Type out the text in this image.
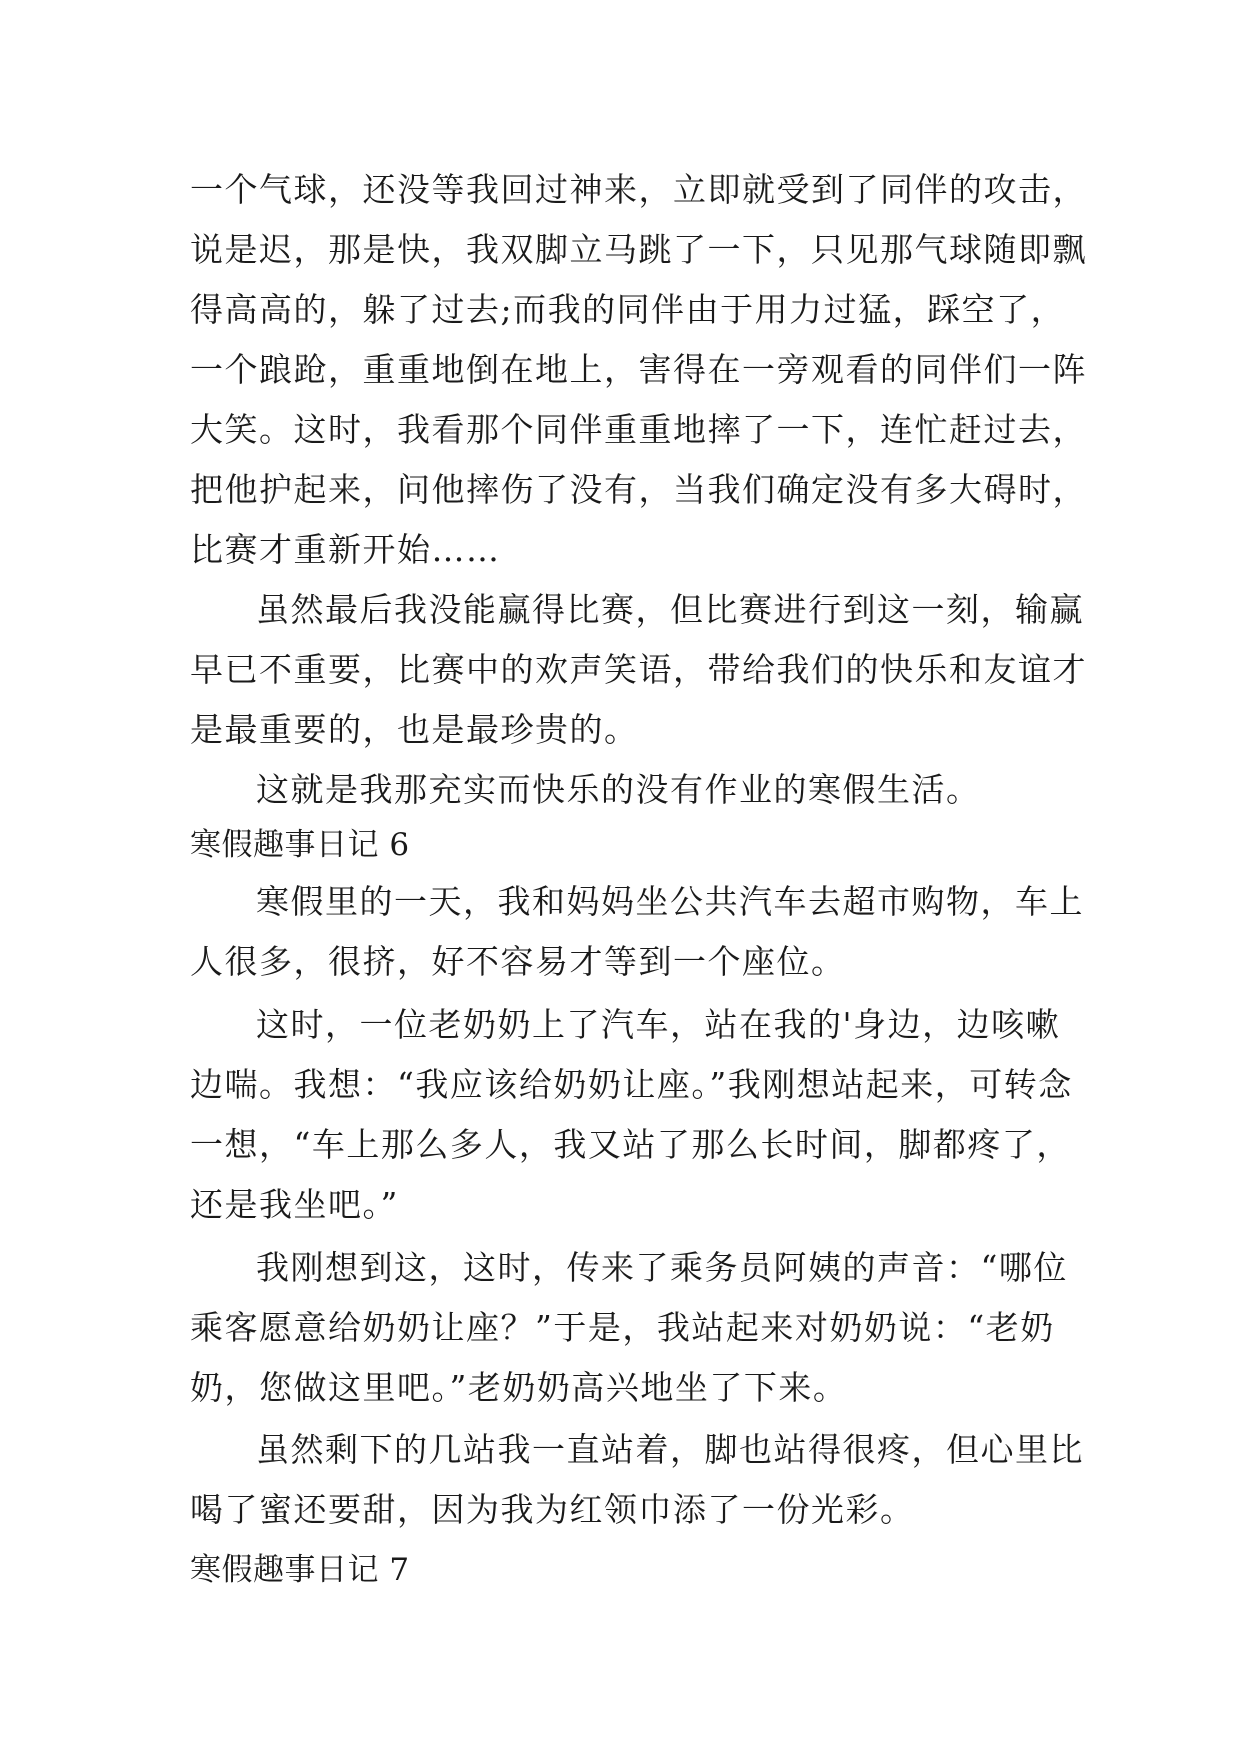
一个气球，还没等我回过神来，立即就受到了同伴的攻击，
说是迟，那是快，我双脚立马跳了一下，只见那气球随即飘
得高高的，躲了过去;而我的同伴由于用力过猛，踩空了，
一个踉跄，重重地倒在地上，害得在一旁观看的同伴们一阵
大笑。这时，我看那个同伴重重地摔了一下，连忙赶过去，
把他护起来，问他摔伤了没有，当我们确定没有多大碍时，
比赛才重新开始……
虽然最后我没能赢得比赛，但比赛进行到这一刻，输赢
早已不重要，比赛中的欢声笑语，带给我们的快乐和友谊才
是最重要的，也是最珍贵的。
这就是我那充实而快乐的没有作业的寒假生活。
寒假趣事日记 6
寒假里的一天，我和妈妈坐公共汽车去超市购物，车上
人很多，很挤，好不容易才等到一个座位。
这时，一位老奶奶上了汽车，站在我的'身边，边咳嗽
边喘。我想：“我应该给奶奶让座。”我刚想站起来，可转念
一想，“车上那么多人，我又站了那么长时间，脚都疼了，
还是我坐吧。”
我刚想到这，这时，传来了乘务员阿姨的声音：“哪位
乘客愿意给奶奶让座？”于是，我站起来对奶奶说：“老奶
奶，您做这里吧。”老奶奶高兴地坐了下来。
虽然剩下的几站我一直站着，脚也站得很疼，但心里比
喝了蜜还要甜，因为我为红领巾添了一份光彩。
寒假趣事日记 7
